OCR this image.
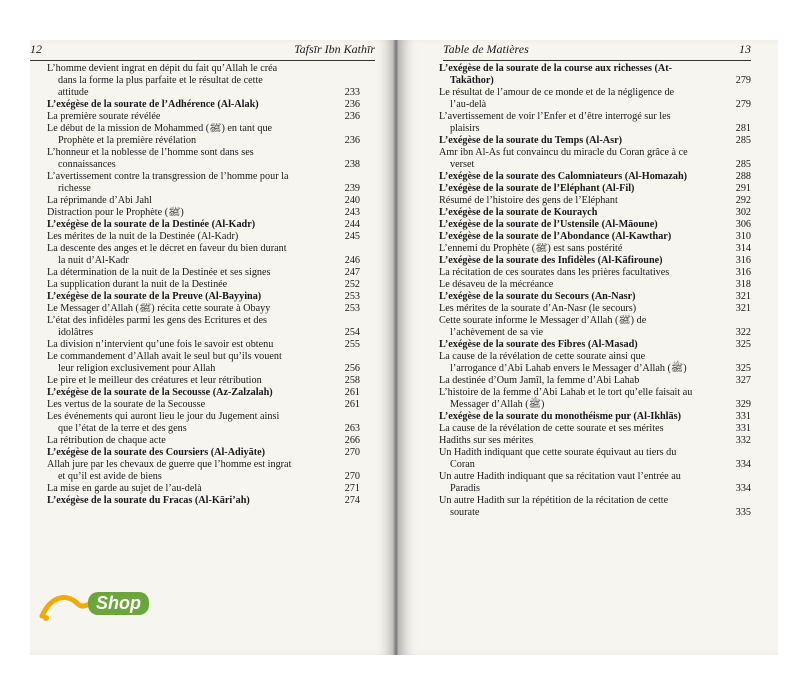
12	Tafsīr Ibn Kathīr	Table de Matières	13
L’homme devient ingrat en dépit du fait qu’Allah le créa
dans la forme la plus parfaite et le résultat de cette
attitude	233
L’exégèse de la sourate de l’Adhérence (Al-Alak)	236
La première sourate révélée	236
Le début de la mission de Mohammed (ﷺ) en tant que
Prophète et la première révélation	236
L’honneur et la noblesse de l’homme sont dans ses
connaissances	238
L’avertissement contre la transgression de l’homme pour la
richesse	239
La réprimande d’Abi Jahl	240
Distraction pour le Prophète (ﷺ)	243
L’exégèse de la sourate de la Destinée (Al-Kadr)	244
Les mérites de la nuit de la Destinée (Al-Kadr)	245
La descente des anges et le décret en faveur du bien durant
la nuit d’Al-Kadr	246
La détermination de la nuit de la Destinée et ses signes	247
La supplication durant la nuit de la Destinée	252
L’exégèse de la sourate de la Preuve (Al-Bayyina)	253
Le Messager d’Allah (ﷺ) récita cette sourate à Obayy	253
L’état des infidèles parmi les gens des Ecritures et des
idolâtres	254
La division n’intervient qu’une fois le savoir est obtenu	255
Le commandement d’Allah avait le seul but qu’ils vouent
leur religion exclusivement pour Allah	256
Le pire et le meilleur des créatures et leur rétribution	258
L’exégèse de la sourate de la Secousse (Az-Zalzalah)	261
Les vertus de la sourate de la Secousse	261
Les événements qui auront lieu le jour du Jugement ainsi
que l’état de la terre et des gens	263
La rétribution de chaque acte	266
L’exégèse de la sourate des Coursiers (Al-Adiyāte)	270
Allah jure par les chevaux de guerre que l’homme est ingrat
et qu’il est avide de biens	270
La mise en garde au sujet de l’au-delà	271
L’exégèse de la sourate du Fracas (Al-Kāri’ah)	274
L’exégèse de la sourate de la course aux richesses (At-
Takāthor)	279
Le résultat de l’amour de ce monde et de la négligence de
l’au-delà	279
L’avertissement de voir l’Enfer et d’être interrogé sur les
plaisirs	281
L’exégèse de la sourate du Temps (Al-Asr)	285
Amr ibn Al-As fut convaincu du miracle du Coran grâce à ce
verset	285
L’exégèse de la sourate des Calomniateurs (Al-Homazah)	288
L’exégèse de la sourate de l’Eléphant (Al-Fil)	291
Résumé de l’histoire des gens de l’Eléphant	292
L’exégèse de la sourate de Kouraych	302
L’exégèse de la sourate de l’Ustensile (Al-Māoune)	306
L’exégèse de la sourate de l’Abondance (Al-Kawthar)	310
L’ennemi du Prophète (ﷺ) est sans postérité	314
L’exégèse de la sourate des Infidèles (Al-Kāfiroune)	316
La récitation de ces sourates dans les prières facultatives	316
Le désaveu de la mécréance	318
L’exégèse de la sourate du Secours (An-Nasr)	321
Les mérites de la sourate d’An-Nasr (le secours)	321
Cette sourate informe le Messager d’Allah (ﷺ) de
l’achèvement de sa vie	322
L’exégèse de la sourate des Fibres (Al-Masad)	325
La cause de la révélation de cette sourate ainsi que
l’arrogance d’Abi Lahab envers le Messager d’Allah (ﷺ)	325
La destinée d’Oum Jamîl, la femme d’Abi Lahab	327
L’histoire de la femme d’Abi Lahab et le tort qu’elle faisait au
Messager d’Allah (ﷺ)	329
L’exégèse de la sourate du monothéisme pur (Al-Ikhlās)	331
La cause de la révélation de cette sourate et ses mérites	331
Hadiths sur ses mérites	332
Un Hadith indiquant que cette sourate équivaut au tiers du
Coran	334
Un autre Hadith indiquant que sa récitation vaut l’entrée au
Paradis	334
Un autre Hadith sur la répétition de la récitation de cette
sourate	335
Shop
